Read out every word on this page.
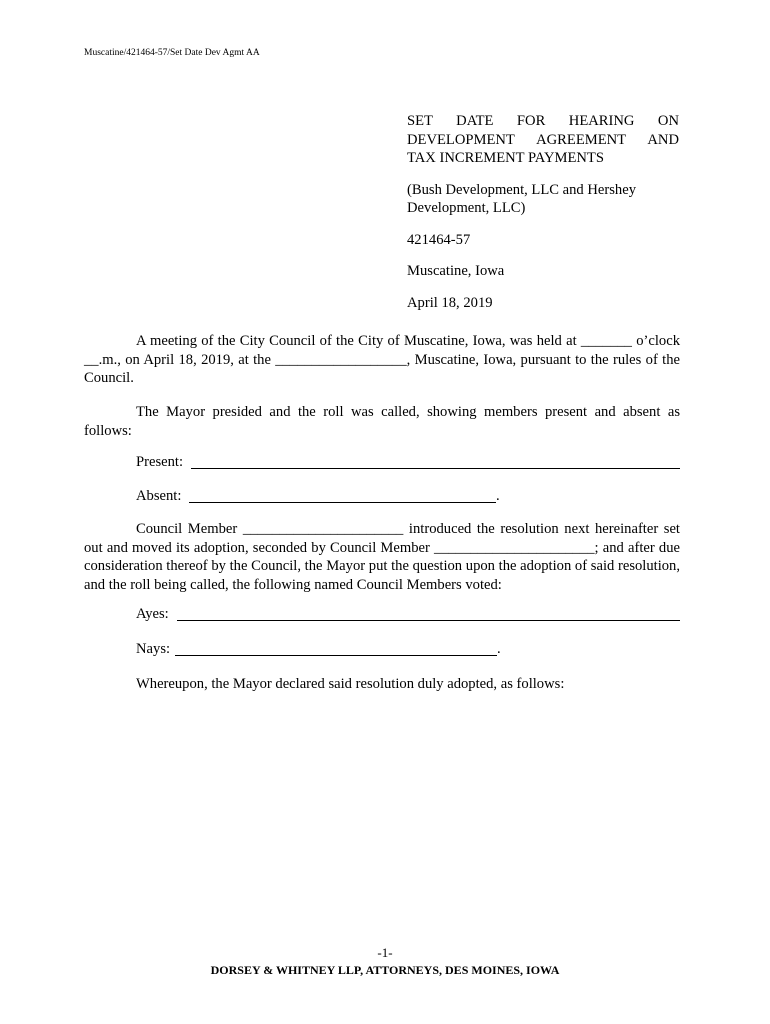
Muscatine/421464-57/Set Date Dev Agmt AA

SET DATE FOR HEARING ON

DEVELOPMENT AGREEMENT AND

TAX INCREMENT PAYMENTS

(Bush Development, LLC and Hershey

Development, LLC)

421464-57

Muscatine, Iowa

April 18, 2019

A meeting of the City Council of the City of Muscatine, Iowa, was held at _______ o’clock __.m., on April 18, 2019, at the __________________, Muscatine, Iowa, pursuant to the rules of the Council.

The Mayor presided and the roll was called, showing members present and absent as follows:

Present:
Absent:	.

Council Member ______________________ introduced the resolution next hereinafter set out and moved its adoption, seconded by Council Member ______________________; and after due consideration thereof by the Council, the Mayor put the question upon the adoption of said resolution, and the roll being called, the following named Council Members voted:

Ayes:
Nays:	.

Whereupon, the Mayor declared said resolution duly adopted, as follows:

-1-
DORSEY & WHITNEY LLP, ATTORNEYS, DES MOINES, IOWA
